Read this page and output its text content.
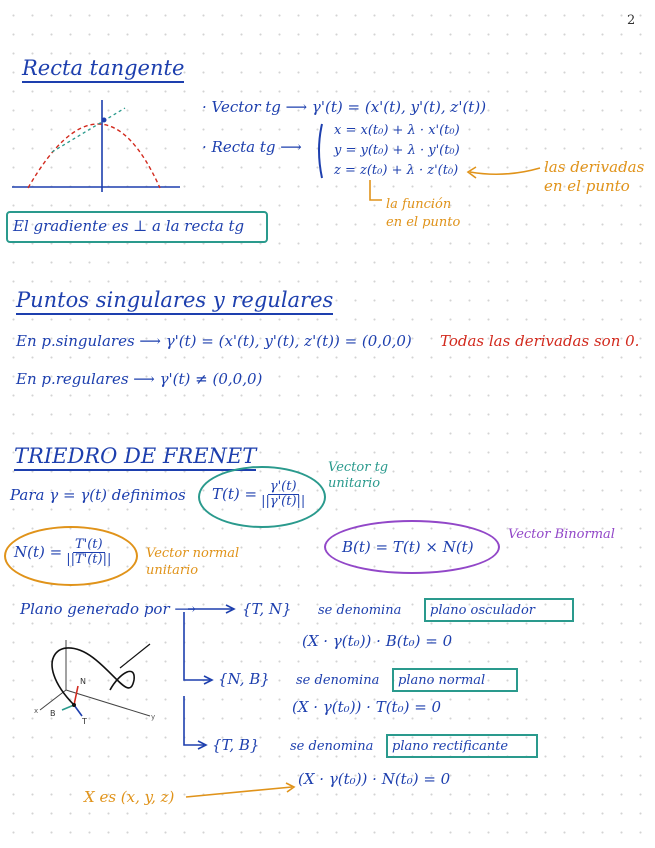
2
Recta tangente
· Vector tg ⟶ γ'(t) = (x'(t), y'(t), z'(t))
· Recta tg ⟶
x = x(t₀) + λ · x'(t₀)
y = y(t₀) + λ · y'(t₀)
z = z(t₀) + λ · z'(t₀)	las derivadas
en el punto
la función
en el punto
El gradiente es ⊥ a la recta tg
Puntos singulares y regulares
En p.singulares ⟶ γ'(t) = (x'(t), y'(t), z'(t)) = (0,0,0) Todas las derivadas son 0.
En p.regulares ⟶ γ'(t) ≠ (0,0,0)
TRIEDRO DE FRENET
Para γ = γ(t) definimos $T(t) = \frac{\gamma'(t)}{||\gamma'(t)||}$
Vector tg
unitario
$N(t) = \frac{T'(t)}{||T'(t)||}$	Vector normal
unitario
B(t) = T(t) × N(t)
Vector Binormal
Plano generado por ⟶	{T, N} se denomina plano osculador
(X · γ(t₀)) · B(t₀) = 0
{N, B} se denomina plano normal
(X · γ(t₀)) · T(t₀) = 0
{T, B} se denomina plano rectificante
(X · γ(t₀)) · N(t₀) = 0
X es (x, y, z)
N
B
T
x
y
